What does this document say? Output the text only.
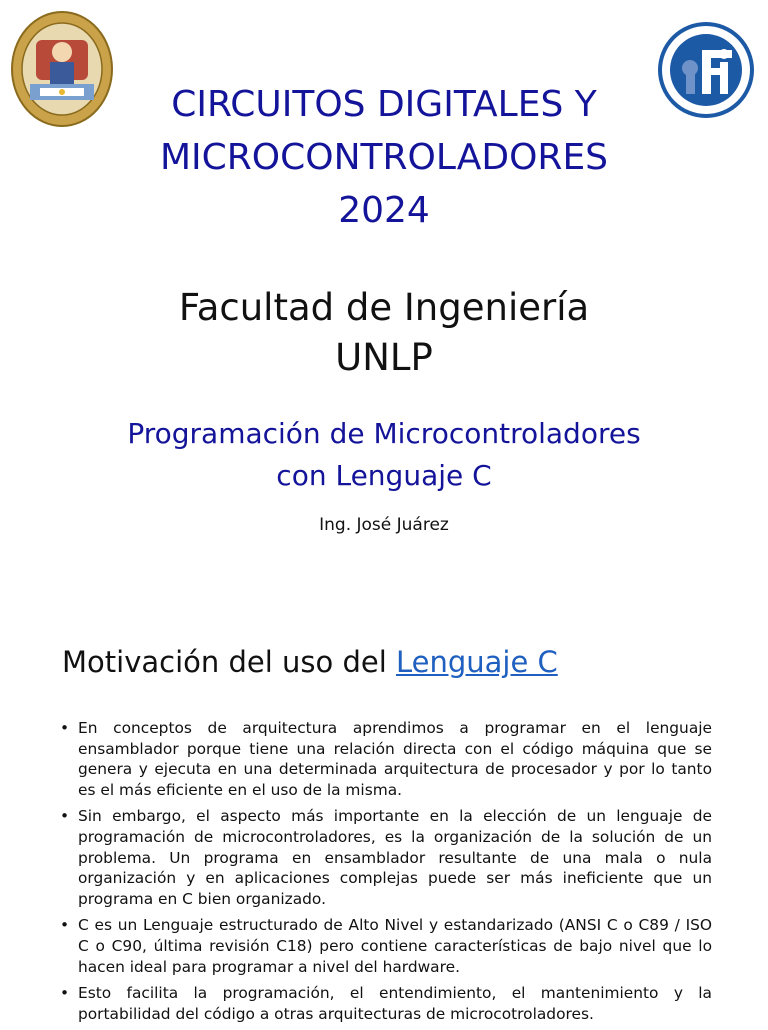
CIRCUITOS DIGITALES Y
MICROCONTROLADORES
2024
Facultad de Ingeniería
UNLP
Programación de Microcontroladores
con Lenguaje C
Ing. José Juárez
Motivación del uso del Lenguaje C
• En conceptos de arquitectura aprendimos a programar en el lenguaje ensamblador porque tiene una relación directa con el código máquina que se genera y ejecuta en una determinada arquitectura de procesador y por lo tanto es el más eficiente en el uso de la misma.
• Sin embargo, el aspecto más importante en la elección de un lenguaje de programación de microcontroladores, es la organización de la solución de un problema. Un programa en ensamblador resultante de una mala o nula organización y en aplicaciones complejas puede ser más ineficiente que un programa en C bien organizado.
• C es un Lenguaje estructurado de Alto Nivel y estandarizado (ANSI C o C89 / ISO C o C90, última revisión C18) pero contiene características de bajo nivel que lo hacen ideal para programar a nivel del hardware.
• Esto facilita la programación, el entendimiento, el mantenimiento y la portabilidad del código a otras arquitecturas de microcotroladores.
